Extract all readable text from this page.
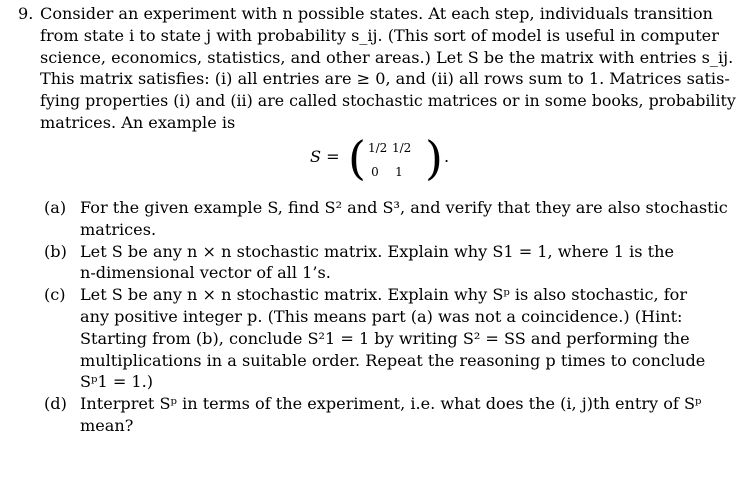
9. Consider an experiment with n possible states. At each step, individuals transition
from state i to state j with probability s_ij. (This sort of model is useful in computer
science, economics, statistics, and other areas.) Let S be the matrix with entries s_ij.
This matrix satisfies: (i) all entries are ≥ 0, and (ii) all rows sum to 1. Matrices satis-
fying properties (i) and (ii) are called stochastic matrices or in some books, probability
matrices. An example is
S = ( 1/2 1/2
0 1 ) .
(a) For the given example S, find S² and S³, and verify that they are also stochastic
matrices.
(b) Let S be any n × n stochastic matrix. Explain why S1 = 1, where 1 is the
n-dimensional vector of all 1’s.
(c) Let S be any n × n stochastic matrix. Explain why Sᵖ is also stochastic, for
any positive integer p. (This means part (a) was not a coincidence.) (Hint:
Starting from (b), conclude S²1 = 1 by writing S² = SS and performing the
multiplications in a suitable order. Repeat the reasoning p times to conclude
Sᵖ1 = 1.)
(d) Interpret Sᵖ in terms of the experiment, i.e. what does the (i, j)th entry of Sᵖ
mean?
